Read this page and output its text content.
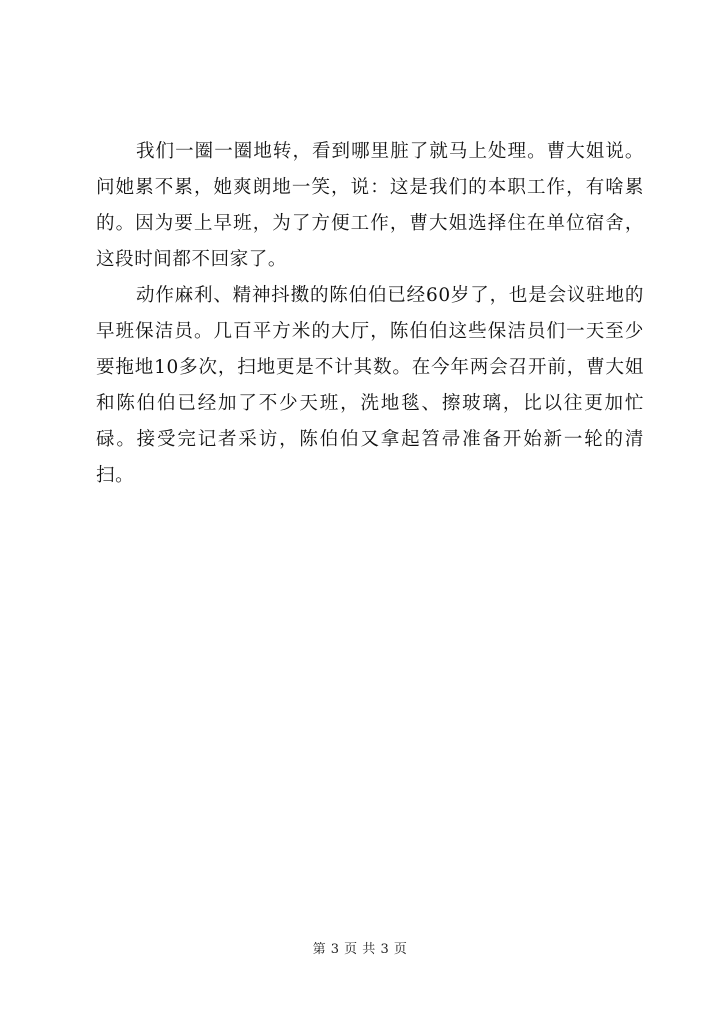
我们一圈一圈地转，看到哪里脏了就马上处理。曹大姐说。问她累不累，她爽朗地一笑，说：这是我们的本职工作，有啥累的。因为要上早班，为了方便工作，曹大姐选择住在单位宿舍，这段时间都不回家了。

动作麻利、精神抖擞的陈伯伯已经60岁了，也是会议驻地的早班保洁员。几百平方米的大厅，陈伯伯这些保洁员们一天至少要拖地10多次，扫地更是不计其数。在今年两会召开前，曹大姐和陈伯伯已经加了不少天班，洗地毯、擦玻璃，比以往更加忙碌。接受完记者采访，陈伯伯又拿起笤帚准备开始新一轮的清扫。

第 3 页 共 3 页
